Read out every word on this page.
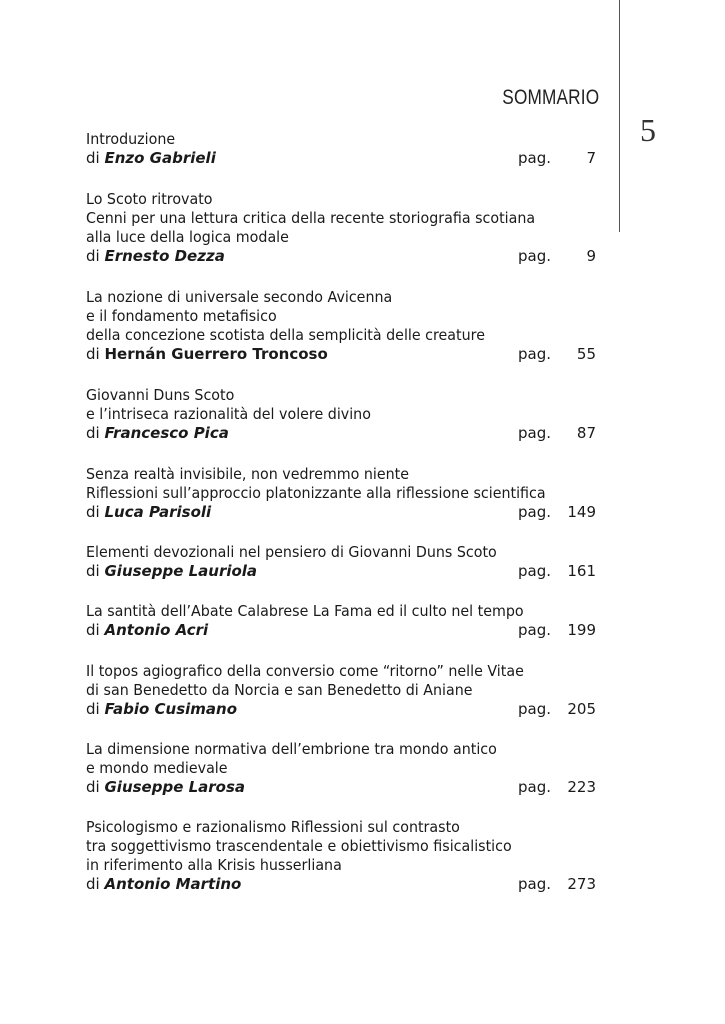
5
SOMMARIO
Introduzione
di Enzo Gabrieli	pag. 7
Lo Scoto ritrovato
Cenni per una lettura critica della recente storiografia scotiana
alla luce della logica modale
di Ernesto Dezza	pag. 9
La nozione di universale secondo Avicenna
e il fondamento metafisico
della concezione scotista della semplicità delle creature
di Hernán Guerrero Troncoso	pag. 55
Giovanni Duns Scoto
e l’intriseca razionalità del volere divino
di Francesco Pica	pag. 87
Senza realtà invisibile, non vedremmo niente
Riflessioni sull’approccio platonizzante alla riflessione scientifica
di Luca Parisoli	pag. 149
Elementi devozionali nel pensiero di Giovanni Duns Scoto
di Giuseppe Lauriola	pag. 161
La santità dell’Abate Calabrese La Fama ed il culto nel tempo
di Antonio Acri	pag. 199
Il topos agiografico della conversio come “ritorno” nelle Vitae
di san Benedetto da Norcia e san Benedetto di Aniane
di Fabio Cusimano	pag. 205
La dimensione normativa dell’embrione tra mondo antico
e mondo medievale
di Giuseppe Larosa	pag. 223
Psicologismo e razionalismo Riflessioni sul contrasto
tra soggettivismo trascendentale e obiettivismo fisicalistico
in riferimento alla Krisis husserliana
di Antonio Martino	pag. 273
